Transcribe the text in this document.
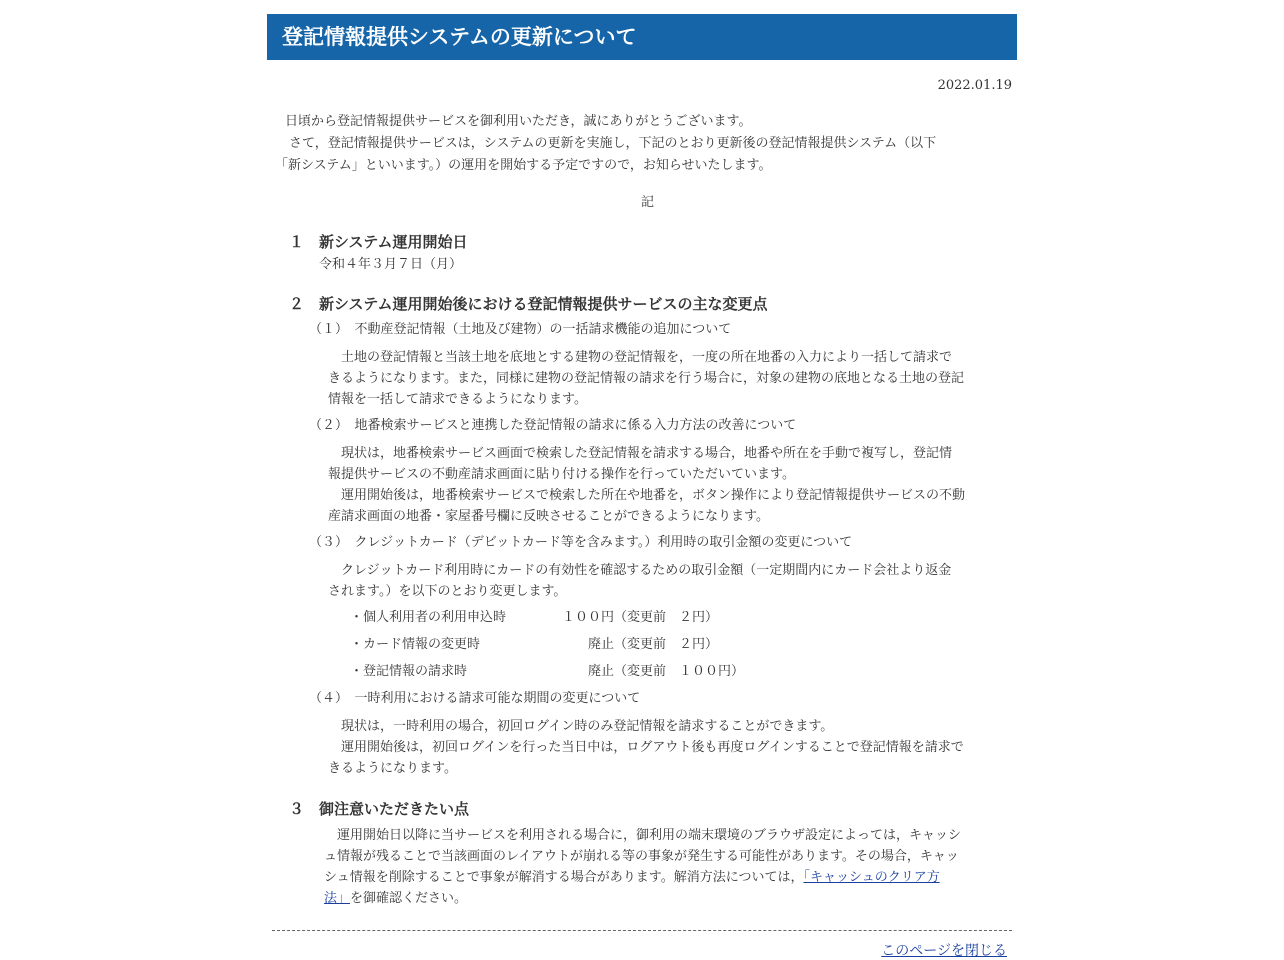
登記情報提供システムの更新について
2022.01.19
日頃から登記情報提供サービスを御利用いただき，誠にありがとうございます。
さて，登記情報提供サービスは，システムの更新を実施し，下記のとおり更新後の登記情報提供システム（以下
「新システム」といいます。）の運用を開始する予定ですので，お知らせいたします。
記
１　新システム運用開始日
令和４年３月７日（月）
２　新システム運用開始後における登記情報提供サービスの主な変更点
（１）　不動産登記情報（土地及び建物）の一括請求機能の追加について
　土地の登記情報と当該土地を底地とする建物の登記情報を，一度の所在地番の入力により一括して請求で
きるようになります。また，同様に建物の登記情報の請求を行う場合に，対象の建物の底地となる土地の登記
情報を一括して請求できるようになります。
（２）　地番検索サービスと連携した登記情報の請求に係る入力方法の改善について
　現状は，地番検索サービス画面で検索した登記情報を請求する場合，地番や所在を手動で複写し，登記情
報提供サービスの不動産請求画面に貼り付ける操作を行っていただいています。
　運用開始後は，地番検索サービスで検索した所在や地番を，ボタン操作により登記情報提供サービスの不動
産請求画面の地番・家屋番号欄に反映させることができるようになります。
（３）　クレジットカード（デビットカード等を含みます。）利用時の取引金額の変更について
　クレジットカード利用時にカードの有効性を確認するための取引金額（一定期間内にカード会社より返金
されます。）を以下のとおり変更します。
・個人利用者の利用申込時	１００円（変更前　２円）
・カード情報の変更時	廃止（変更前　２円）
・登記情報の請求時	廃止（変更前　１００円）
（４）　一時利用における請求可能な期間の変更について
　現状は，一時利用の場合，初回ログイン時のみ登記情報を請求することができます。
　運用開始後は，初回ログインを行った当日中は，ログアウト後も再度ログインすることで登記情報を請求で
きるようになります。
３　御注意いただきたい点
　運用開始日以降に当サービスを利用される場合に，御利用の端末環境のブラウザ設定によっては，キャッシ
ュ情報が残ることで当該画面のレイアウトが崩れる等の事象が発生する可能性があります。その場合，キャッ
シュ情報を削除することで事象が解消する場合があります。解消方法については，「キャッシュのクリア方
法」を御確認ください。
このページを閉じる
